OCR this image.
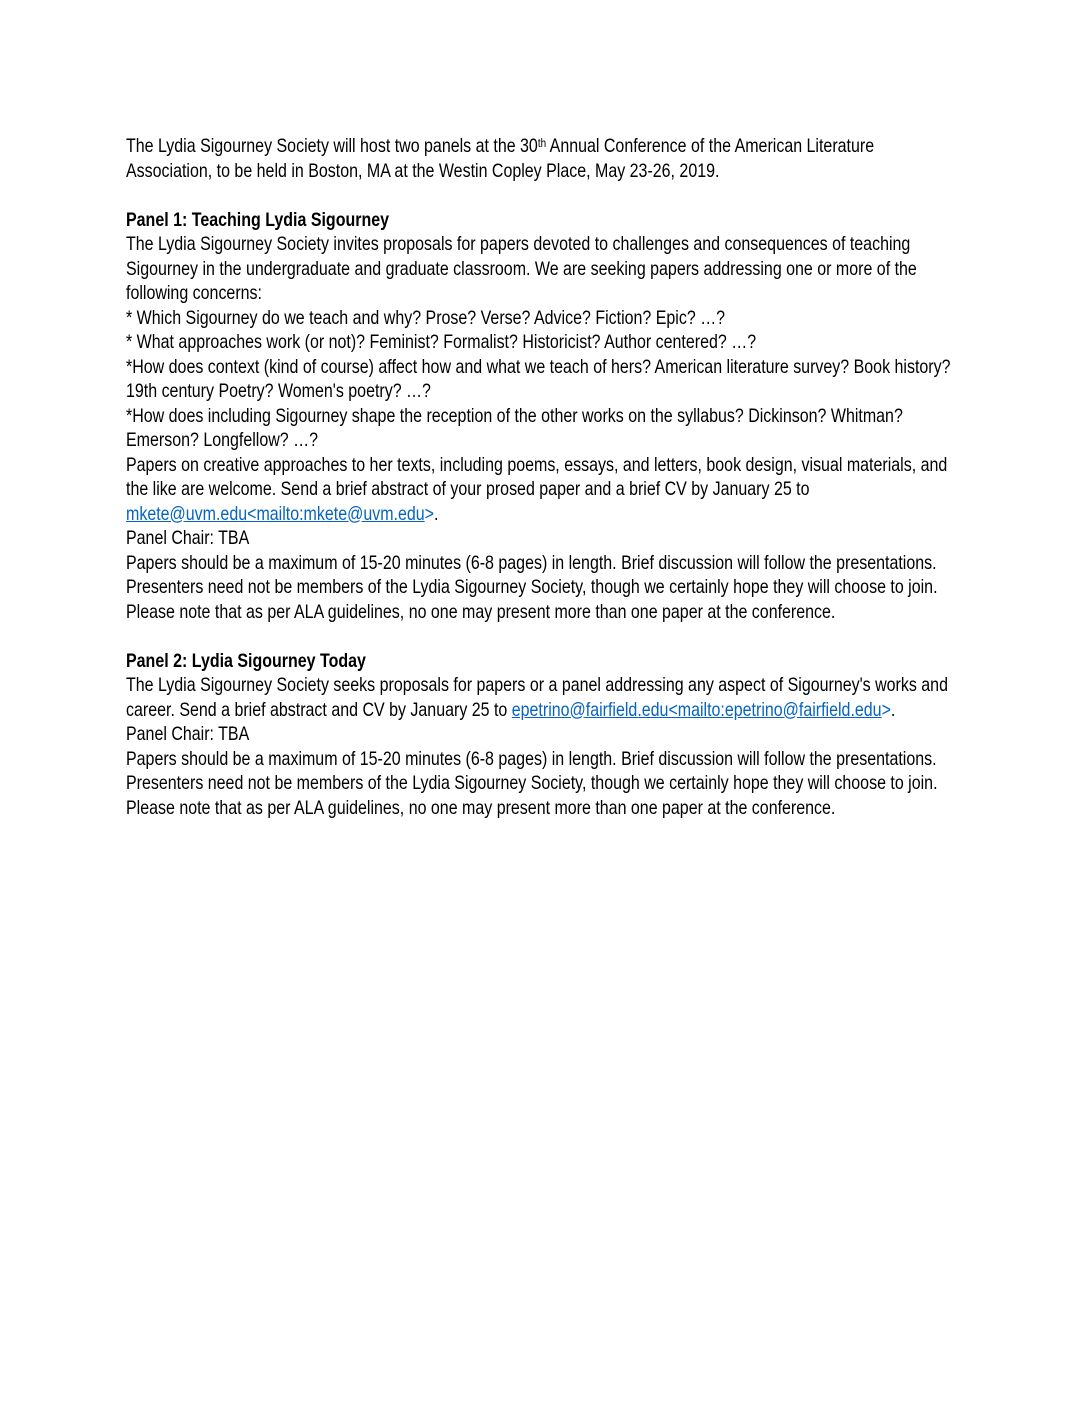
The Lydia Sigourney Society will host two panels at the 30th Annual Conference of the American Literature Association, to be held in Boston, MA at the Westin Copley Place, May 23-26, 2019.

Panel 1: Teaching Lydia Sigourney

The Lydia Sigourney Society invites proposals for papers devoted to challenges and consequences of teaching Sigourney in the undergraduate and graduate classroom. We are seeking papers addressing one or more of the following concerns:

* Which Sigourney do we teach and why? Prose? Verse? Advice? Fiction? Epic? …?

* What approaches work (or not)? Feminist? Formalist? Historicist? Author centered? …?

*How does context (kind of course) affect how and what we teach of hers? American literature survey? Book history? 19th century Poetry? Women's poetry? …?

*How does including Sigourney shape the reception of the other works on the syllabus? Dickinson? Whitman? Emerson? Longfellow? …?

Papers on creative approaches to her texts, including poems, essays, and letters, book design, visual materials, and the like are welcome. Send a brief abstract of your prosed paper and a brief CV by January 25 to mkete@uvm.edu<mailto:mkete@uvm.edu>.

Panel Chair: TBA

Papers should be a maximum of 15-20 minutes (6-8 pages) in length. Brief discussion will follow the presentations. Presenters need not be members of the Lydia Sigourney Society, though we certainly hope they will choose to join. Please note that as per ALA guidelines, no one may present more than one paper at the conference.

Panel 2: Lydia Sigourney Today

The Lydia Sigourney Society seeks proposals for papers or a panel addressing any aspect of Sigourney's works and career. Send a brief abstract and CV by January 25 to epetrino@fairfield.edu<mailto:epetrino@fairfield.edu>.

Panel Chair: TBA

Papers should be a maximum of 15-20 minutes (6-8 pages) in length. Brief discussion will follow the presentations. Presenters need not be members of the Lydia Sigourney Society, though we certainly hope they will choose to join. Please note that as per ALA guidelines, no one may present more than one paper at the conference.
